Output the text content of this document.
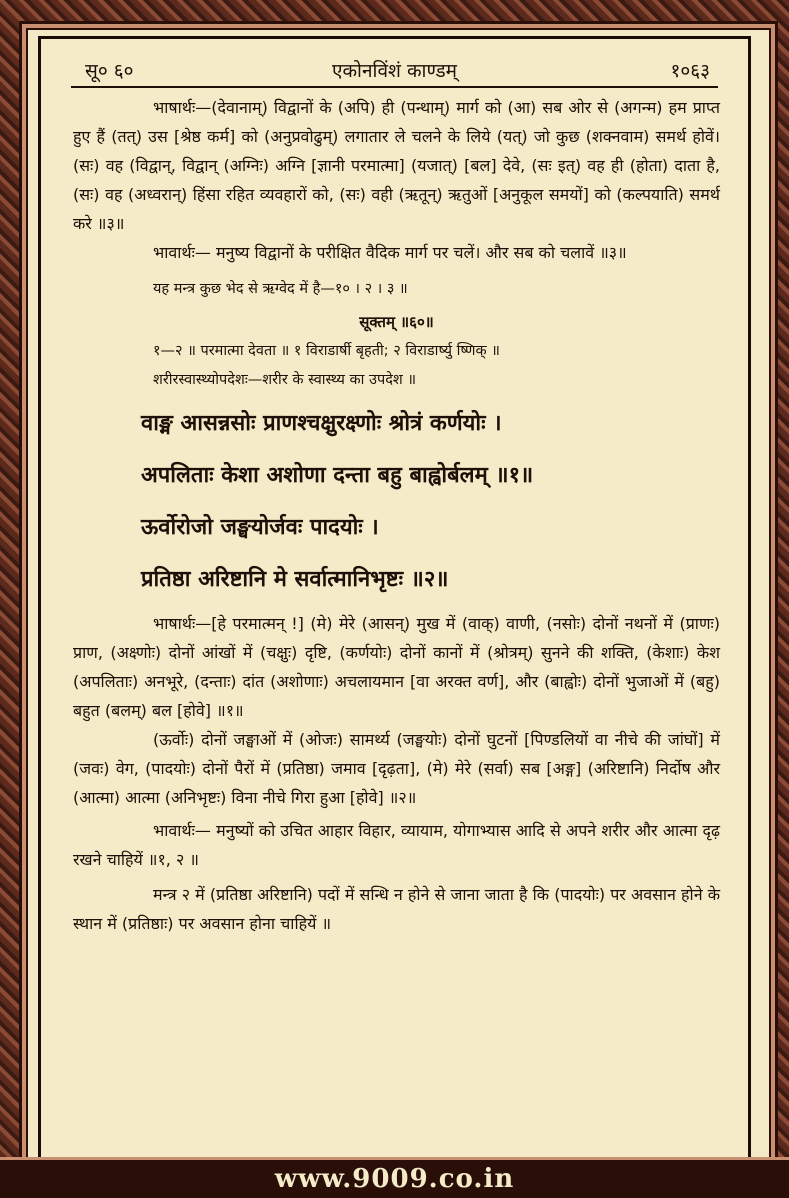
सू० ६०	एकोनविंशं काण्डम्	१०६३

भाषार्थः—(देवानाम्) विद्वानों के (अपि) ही (पन्थाम्) मार्ग को (आ) सब ओर से (अगन्म) हम प्राप्त हुए हैं (तत्) उस [श्रेष्ठ कर्म] को (अनुप्रवोढुम्) लगातार ले चलने के लिये (यत्) जो कुछ (शक्नवाम) समर्थ होवें। (सः) वह (विद्वान्, विद्वान् (अग्निः) अग्नि [ज्ञानी परमात्मा] (यजात्) [बल] देवे, (सः इत्) वह ही (होता) दाता है, (सः) वह (अध्वरान्) हिंसा रहित व्यवहारों को, (सः) वही (ऋतून्) ऋतुओं [अनुकूल समयों] को (कल्पयाति) समर्थ करे ॥३॥

भावार्थः— मनुष्य विद्वानों के परीक्षित वैदिक मार्ग पर चलें। और सब को चलावें ॥३॥

यह मन्त्र कुछ भेद से ऋग्वेद में है—१० । २ । ३ ॥

सूक्तम् ॥६०॥

१—२ ॥ परमात्मा देवता ॥ १ विराडार्षी बृहती; २ विराडार्ष्यु ष्णिक् ॥

शरीरस्वास्थ्योपदेशः—शरीर के स्वास्थ्य का उपदेश ॥

वाङ्म आसन्नसोः प्राणश्चक्षुरक्ष्णोः श्रोत्रं कर्णयोः ।
अपलिताः केशा अशोणा दन्ता बहु बाह्वोर्बलम् ॥१॥
ऊर्वोरोजो जङ्घयोर्जवः पादयोः ।
प्रतिष्ठा अरिष्टानि मे सर्वात्मानिभृष्टः ॥२॥

भाषार्थः—[हे परमात्मन् !] (मे) मेरे (आसन्) मुख में (वाक्) वाणी, (नसोः) दोनों नथनों में (प्राणः) प्राण, (अक्ष्णोः) दोनों आंखों में (चक्षुः) दृष्टि, (कर्णयोः) दोनों कानों में (श्रोत्रम्) सुनने की शक्ति, (केशाः) केश (अपलिताः) अनभूरे, (दन्ताः) दांत (अशोणाः) अचलायमान [वा अरक्त वर्ण], और (बाह्वोः) दोनों भुजाओं में (बहु) बहुत (बलम्) बल [होवे] ॥१॥

(ऊर्वोः) दोनों जङ्घाओं में (ओजः) सामर्थ्य (जङ्घयोः) दोनों घुटनों [पिण्डलियों वा नीचे की जांघों] में (जवः) वेग, (पादयोः) दोनों पैरों में (प्रतिष्ठा) जमाव [दृढ़ता], (मे) मेरे (सर्वा) सब [अङ्ग] (अरिष्टानि) निर्दोष और (आत्मा) आत्मा (अनिभृष्टः) विना नीचे गिरा हुआ [होवे] ॥२॥

भावार्थः— मनुष्यों को उचित आहार विहार, व्यायाम, योगाभ्यास आदि से अपने शरीर और आत्मा दृढ़ रखने चाहियें ॥१, २ ॥

मन्त्र २ में (प्रतिष्ठा अरिष्टानि) पदों में सन्धि न होने से जाना जाता है कि (पादयोः) पर अवसान होने के स्थान में (प्रतिष्ठाः) पर अवसान होना चाहियें ॥

www.9009.co.in
